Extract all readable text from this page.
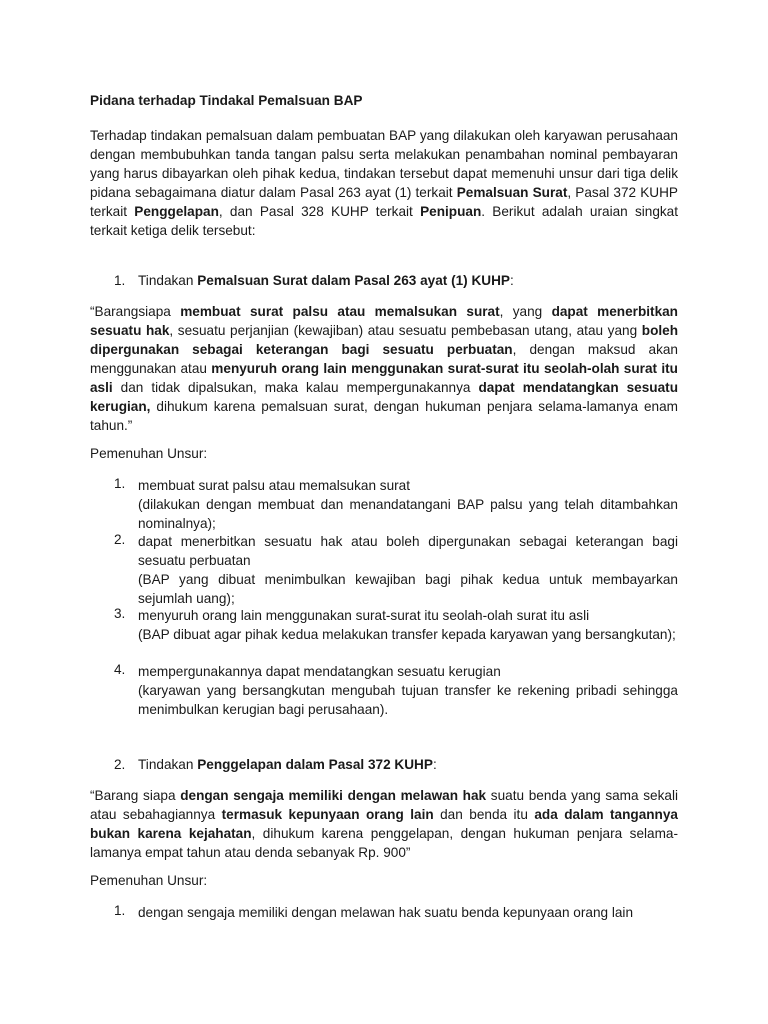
Pidana terhadap Tindakal Pemalsuan BAP

Terhadap tindakan pemalsuan dalam pembuatan BAP yang dilakukan oleh karyawan perusahaan dengan membubuhkan tanda tangan palsu serta melakukan penambahan nominal pembayaran yang harus dibayarkan oleh pihak kedua, tindakan tersebut dapat memenuhi unsur dari tiga delik pidana sebagaimana diatur dalam Pasal 263 ayat (1) terkait Pemalsuan Surat, Pasal 372 KUHP terkait Penggelapan, dan Pasal 328 KUHP terkait Penipuan. Berikut adalah uraian singkat terkait ketiga delik tersebut:

1. Tindakan Pemalsuan Surat dalam Pasal 263 ayat (1) KUHP:

“Barangsiapa membuat surat palsu atau memalsukan surat, yang dapat menerbitkan sesuatu hak, sesuatu perjanjian (kewajiban) atau sesuatu pembebasan utang, atau yang boleh dipergunakan sebagai keterangan bagi sesuatu perbuatan, dengan maksud akan menggunakan atau menyuruh orang lain menggunakan surat-surat itu seolah-olah surat itu asli dan tidak dipalsukan, maka kalau mempergunakannya dapat mendatangkan sesuatu kerugian, dihukum karena pemalsuan surat, dengan hukuman penjara selama-lamanya enam tahun.”

Pemenuhan Unsur:
1. membuat surat palsu atau memalsukan surat
(dilakukan dengan membuat dan menandatangani BAP palsu yang telah ditambahkan nominalnya);
2. dapat menerbitkan sesuatu hak atau boleh dipergunakan sebagai keterangan bagi sesuatu perbuatan
(BAP yang dibuat menimbulkan kewajiban bagi pihak kedua untuk membayarkan sejumlah uang);
3. menyuruh orang lain menggunakan surat-surat itu seolah-olah surat itu asli
(BAP dibuat agar pihak kedua melakukan transfer kepada karyawan yang bersangkutan);
4. mempergunakannya dapat mendatangkan sesuatu kerugian
(karyawan yang bersangkutan mengubah tujuan transfer ke rekening pribadi sehingga menimbulkan kerugian bagi perusahaan).
2. Tindakan Penggelapan dalam Pasal 372 KUHP:

“Barang siapa dengan sengaja memiliki dengan melawan hak suatu benda yang sama sekali atau sebahagiannya termasuk kepunyaan orang lain dan benda itu ada dalam tangannya bukan karena kejahatan, dihukum karena penggelapan, dengan hukuman penjara selama-lamanya empat tahun atau denda sebanyak Rp. 900”

Pemenuhan Unsur:
1. dengan sengaja memiliki dengan melawan hak suatu benda kepunyaan orang lain
